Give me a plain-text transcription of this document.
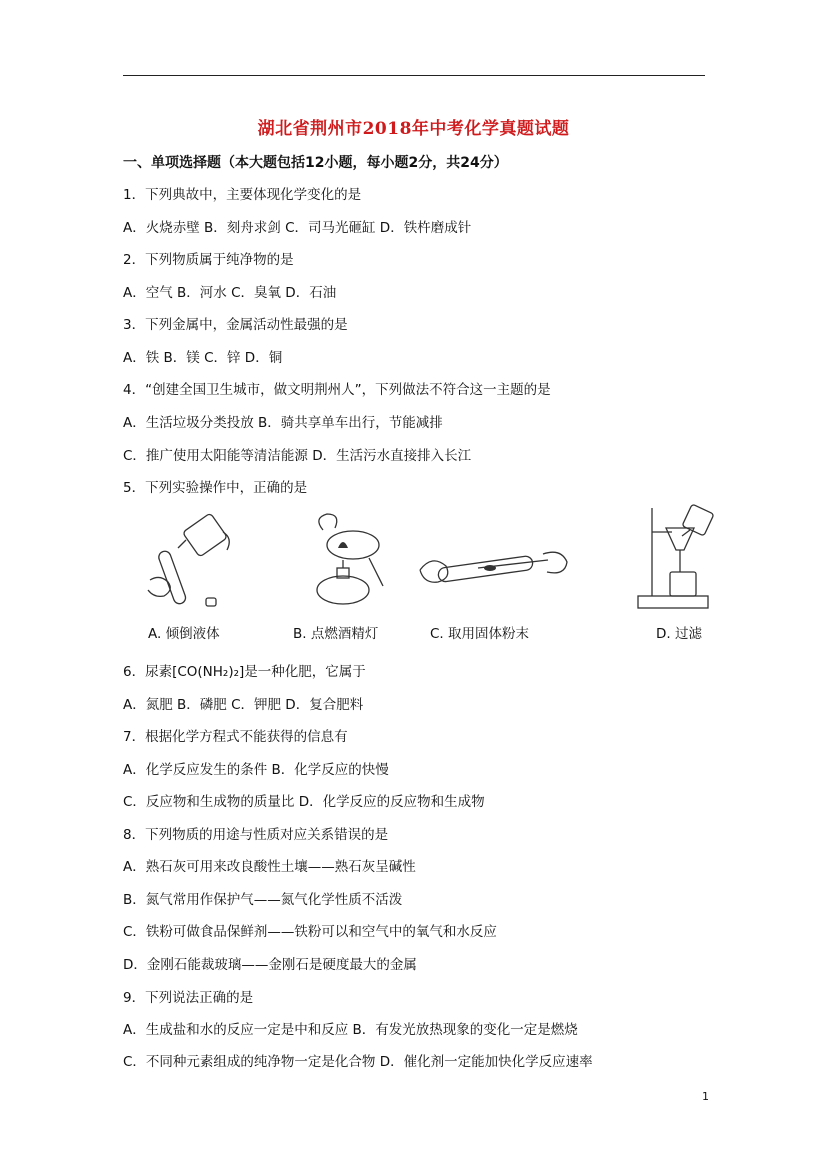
湖北省荆州市2018年中考化学真题试题
一、单项选择题（本大题包括12小题，每小题2分，共24分）
1．下列典故中，主要体现化学变化的是
A．火烧赤壁 B．刻舟求剑 C．司马光砸缸 D．铁杵磨成针
2．下列物质属于纯净物的是
A．空气 B．河水 C．臭氧 D．石油
3．下列金属中，金属活动性最强的是
A．铁 B．镁 C．锌 D．铜
4．“创建全国卫生城市，做文明荆州人”，下列做法不符合这一主题的是
A．生活垃圾分类投放 B．骑共享单车出行，节能减排
C．推广使用太阳能等清洁能源 D．生活污水直接排入长江
5．下列实验操作中，正确的是
A. 倾倒液体	B. 点燃酒精灯	C. 取用固体粉末	D. 过滤
6．尿素[CO(NH₂)₂]是一种化肥，它属于
A．氮肥 B．磷肥 C．钾肥 D．复合肥料
7．根据化学方程式不能获得的信息有
A．化学反应发生的条件 B．化学反应的快慢
C．反应物和生成物的质量比 D．化学反应的反应物和生成物
8．下列物质的用途与性质对应关系错误的是
A．熟石灰可用来改良酸性土壤——熟石灰呈碱性
B．氮气常用作保护气——氮气化学性质不活泼
C．铁粉可做食品保鲜剂——铁粉可以和空气中的氧气和水反应
D．金刚石能裁玻璃——金刚石是硬度最大的金属
9．下列说法正确的是
A．生成盐和水的反应一定是中和反应 B．有发光放热现象的变化一定是燃烧
C．不同种元素组成的纯净物一定是化合物 D．催化剂一定能加快化学反应速率
1
